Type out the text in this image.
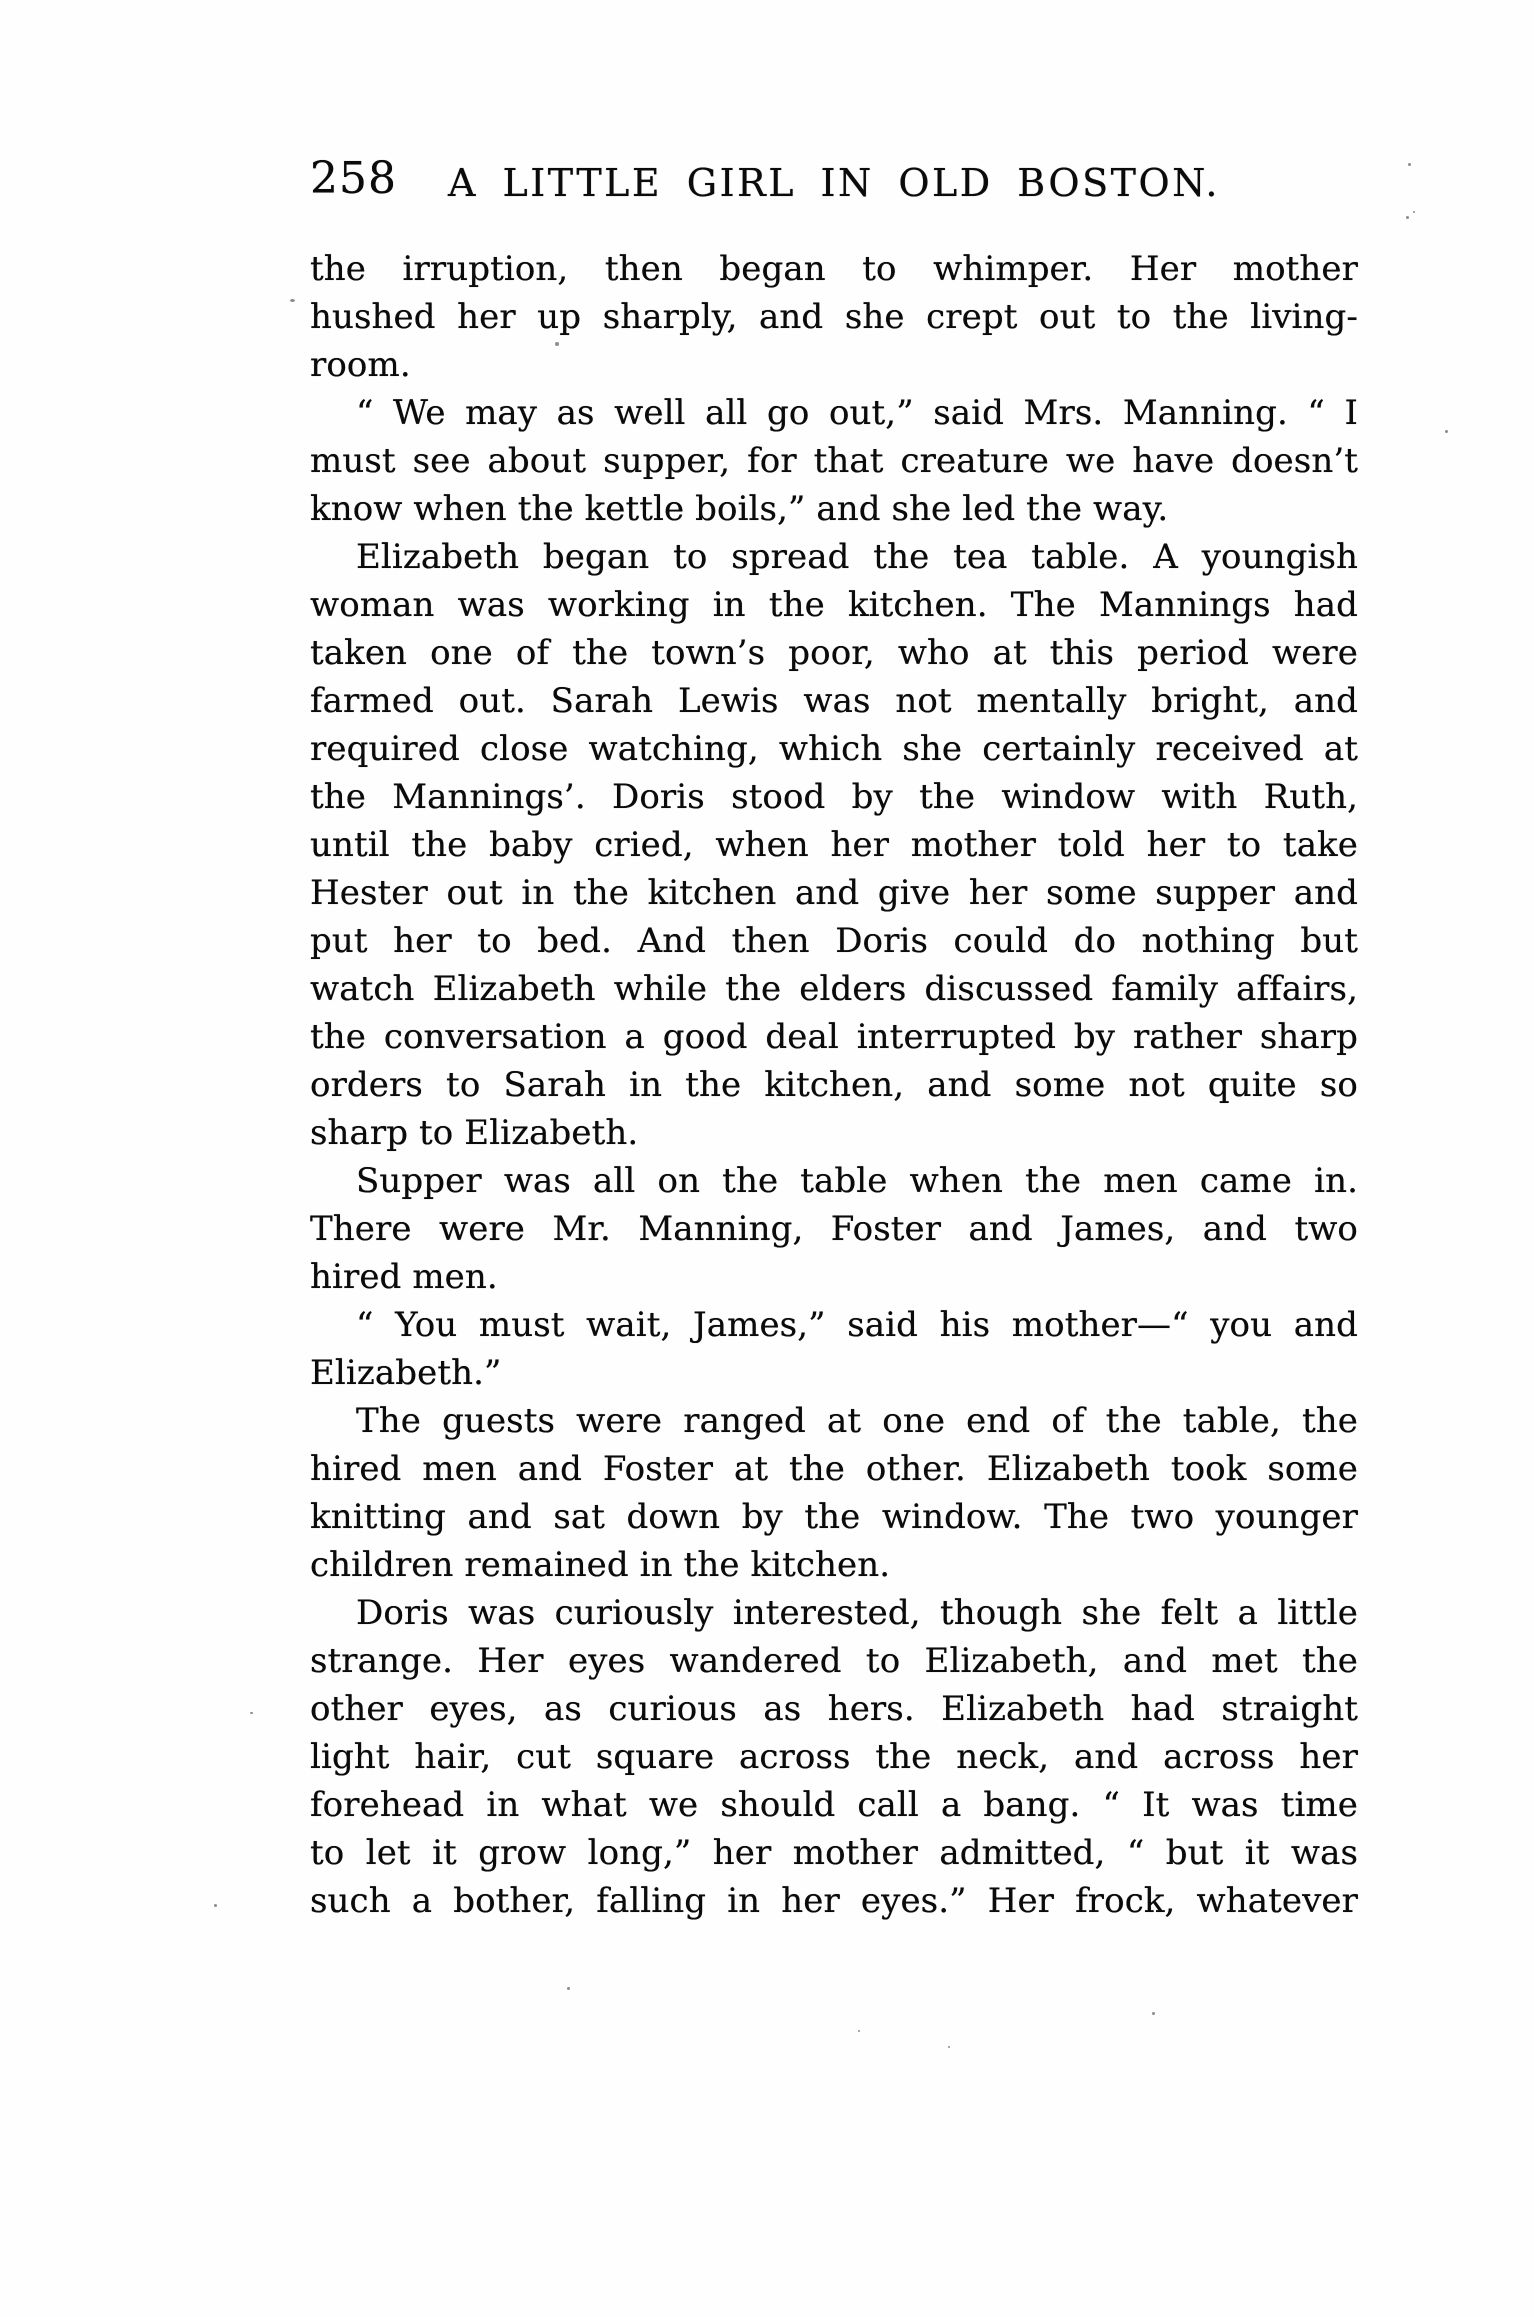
258	A LITTLE GIRL IN OLD BOSTON.
the irruption, then began to whimper. Her mother
hushed her up sharply, and she crept out to the living-
room.
“ We may as well all go out,” said Mrs. Manning. “ I
must see about supper, for that creature we have doesn’t
know when the kettle boils,” and she led the way.
Elizabeth began to spread the tea table. A youngish
woman was working in the kitchen. The Mannings had
taken one of the town’s poor, who at this period were
farmed out. Sarah Lewis was not mentally bright, and
required close watching, which she certainly received at
the Mannings’. Doris stood by the window with Ruth,
until the baby cried, when her mother told her to take
Hester out in the kitchen and give her some supper and
put her to bed. And then Doris could do nothing but
watch Elizabeth while the elders discussed family affairs,
the conversation a good deal interrupted by rather sharp
orders to Sarah in the kitchen, and some not quite so
sharp to Elizabeth.
Supper was all on the table when the men came in.
There were Mr. Manning, Foster and James, and two
hired men.
“ You must wait, James,” said his mother—“ you and
Elizabeth.”
The guests were ranged at one end of the table, the
hired men and Foster at the other. Elizabeth took some
knitting and sat down by the window. The two younger
children remained in the kitchen.
Doris was curiously interested, though she felt a little
strange. Her eyes wandered to Elizabeth, and met the
other eyes, as curious as hers. Elizabeth had straight
light hair, cut square across the neck, and across her
forehead in what we should call a bang. “ It was time
to let it grow long,” her mother admitted, “ but it was
such a bother, falling in her eyes.” Her frock, whatever
